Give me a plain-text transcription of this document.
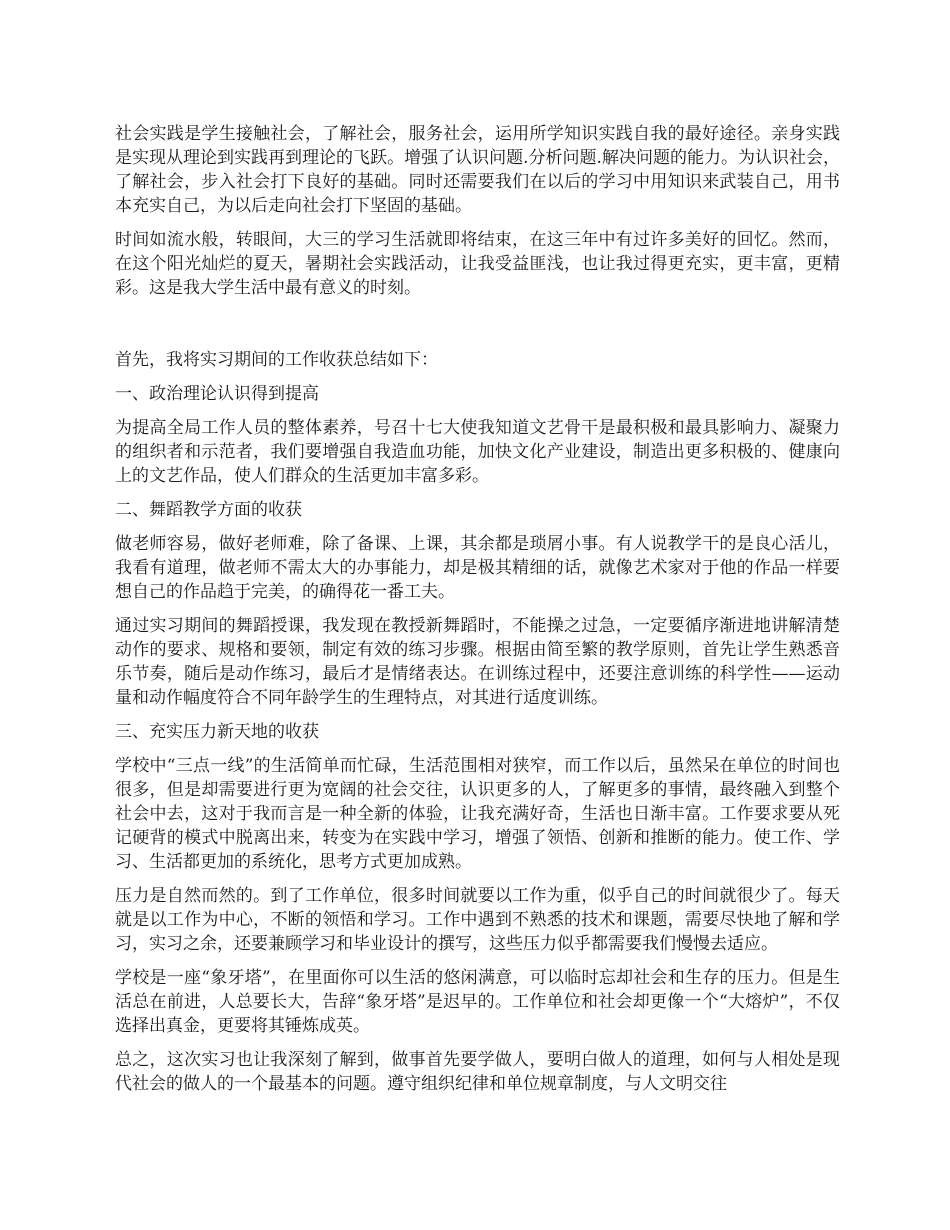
社会实践是学生接触社会，了解社会，服务社会，运用所学知识实践自我的最好途径。亲身实践是实现从理论到实践再到理论的飞跃。增强了认识问题.分析问题.解决问题的能力。为认识社会，了解社会，步入社会打下良好的基础。同时还需要我们在以后的学习中用知识来武装自己，用书本充实自己，为以后走向社会打下坚固的基础。

时间如流水般，转眼间，大三的学习生活就即将结束，在这三年中有过许多美好的回忆。然而，在这个阳光灿烂的夏天，暑期社会实践活动，让我受益匪浅，也让我过得更充实，更丰富，更精彩。这是我大学生活中最有意义的时刻。

首先，我将实习期间的工作收获总结如下：

一、政治理论认识得到提高

为提高全局工作人员的整体素养，号召十七大使我知道文艺骨干是最积极和最具影响力、凝聚力的组织者和示范者，我们要增强自我造血功能，加快文化产业建设，制造出更多积极的、健康向上的文艺作品，使人们群众的生活更加丰富多彩。

二、舞蹈教学方面的收获

做老师容易，做好老师难，除了备课、上课，其余都是琐屑小事。有人说教学干的是良心活儿，我看有道理，做老师不需太大的办事能力，却是极其精细的话，就像艺术家对于他的作品一样要想自己的作品趋于完美，的确得花一番工夫。

通过实习期间的舞蹈授课，我发现在教授新舞蹈时，不能操之过急，一定要循序渐进地讲解清楚动作的要求、规格和要领，制定有效的练习步骤。根据由简至繁的教学原则，首先让学生熟悉音乐节奏，随后是动作练习，最后才是情绪表达。在训练过程中，还要注意训练的科学性——运动量和动作幅度符合不同年龄学生的生理特点，对其进行适度训练。

三、充实压力新天地的收获

学校中“三点一线”的生活简单而忙碌，生活范围相对狭窄，而工作以后，虽然呆在单位的时间也很多，但是却需要进行更为宽阔的社会交往，认识更多的人，了解更多的事情，最终融入到整个社会中去，这对于我而言是一种全新的体验，让我充满好奇，生活也日渐丰富。工作要求要从死记硬背的模式中脱离出来，转变为在实践中学习，增强了领悟、创新和推断的能力。使工作、学习、生活都更加的系统化，思考方式更加成熟。

压力是自然而然的。到了工作单位，很多时间就要以工作为重，似乎自己的时间就很少了。每天就是以工作为中心，不断的领悟和学习。工作中遇到不熟悉的技术和课题，需要尽快地了解和学习，实习之余，还要兼顾学习和毕业设计的撰写，这些压力似乎都需要我们慢慢去适应。

学校是一座“象牙塔”，在里面你可以生活的悠闲满意，可以临时忘却社会和生存的压力。但是生活总在前进，人总要长大，告辞“象牙塔”是迟早的。工作单位和社会却更像一个“大熔炉”，不仅选择出真金，更要将其锤炼成英。

总之，这次实习也让我深刻了解到，做事首先要学做人，要明白做人的道理，如何与人相处是现代社会的做人的一个最基本的问题。遵守组织纪律和单位规章制度，与人文明交往
